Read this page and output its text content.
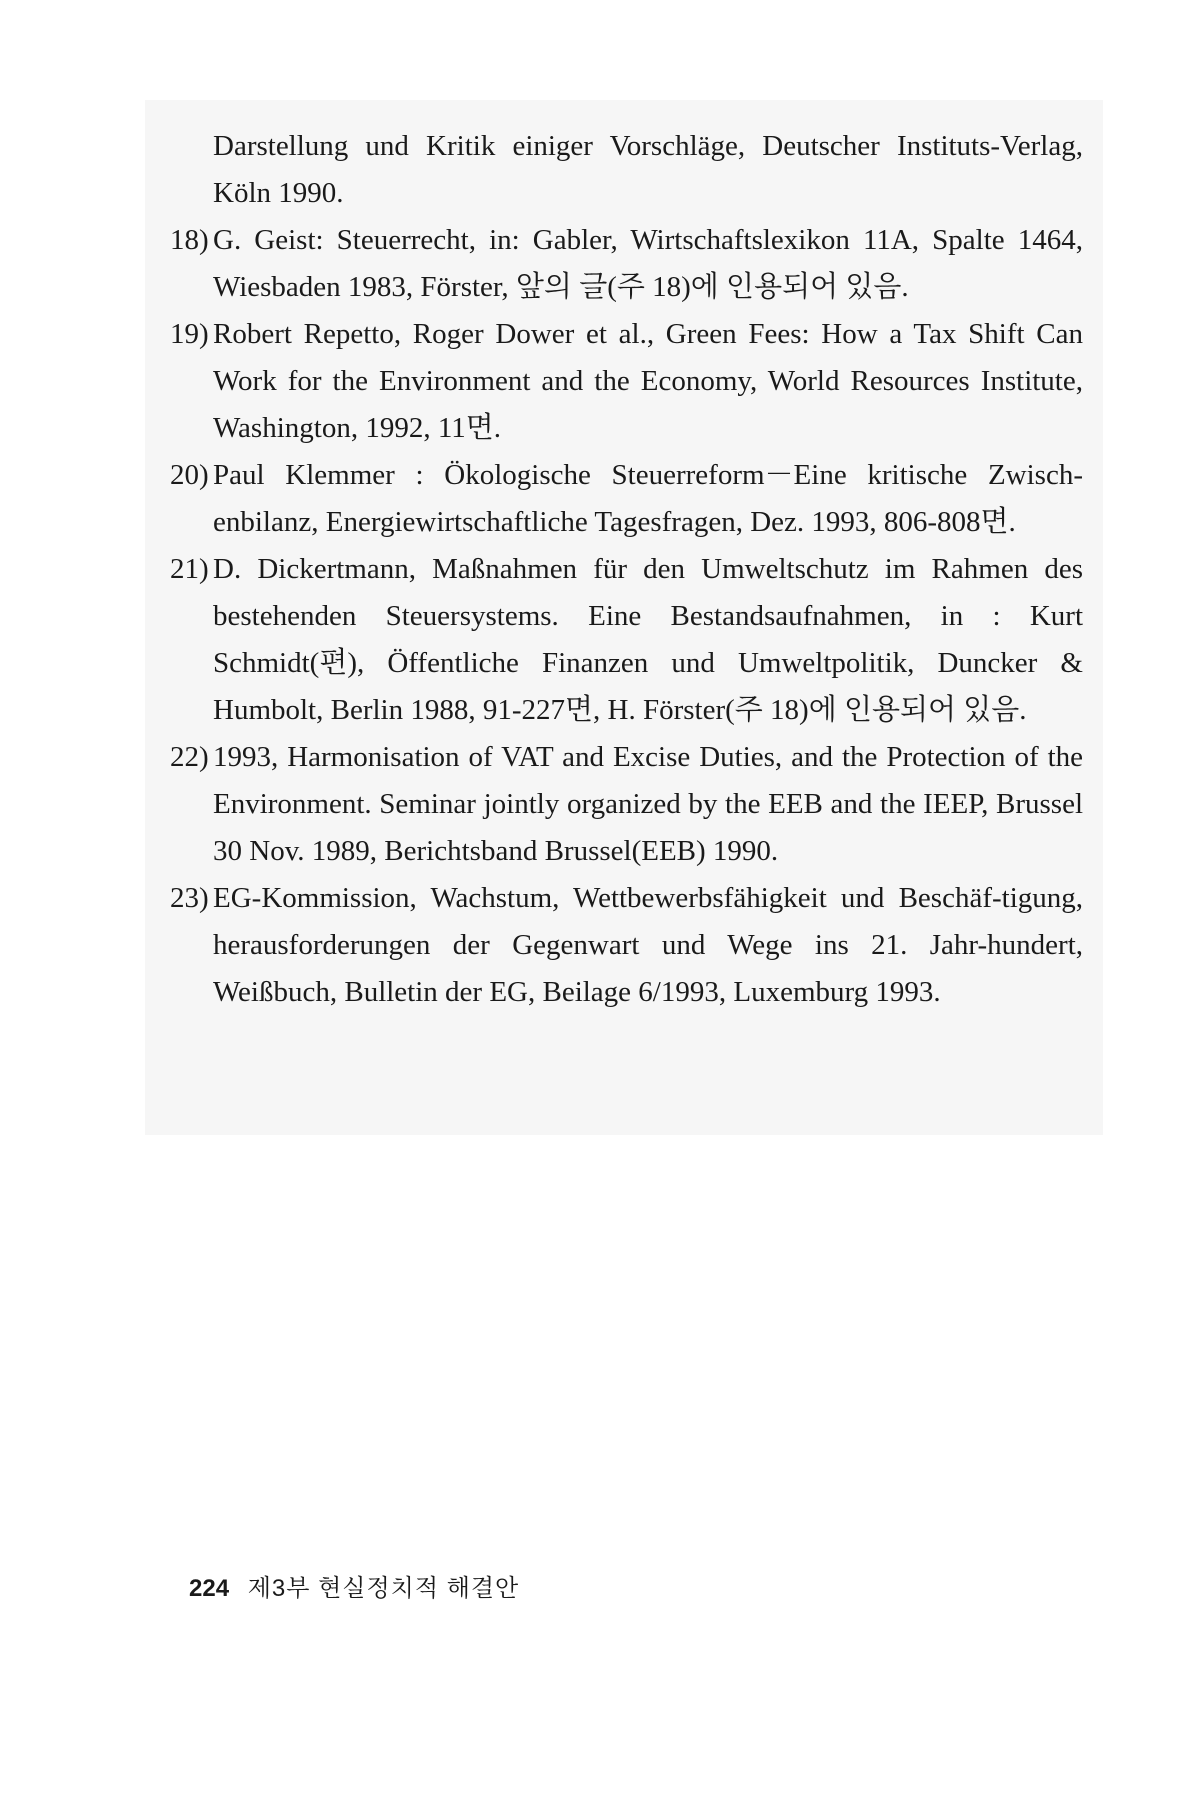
Darstellung und Kritik einiger Vorschläge, Deutscher Instituts-Verlag, Köln 1990.

18) G. Geist: Steuerrecht, in: Gabler, Wirtschaftslexikon 11A, Spalte 1464, Wiesbaden 1983, Förster, 앞의 글(주 18)에 인용되어 있음.

19) Robert Repetto, Roger Dower et al., Green Fees: How a Tax Shift Can Work for the Environment and the Economy, World Resources Institute, Washington, 1992, 11면.

20) Paul Klemmer : Ökologische Steuerreform－Eine kritische Zwisch-enbilanz, Energiewirtschaftliche Tagesfragen, Dez. 1993, 806-808면.

21) D. Dickertmann, Maßnahmen für den Umweltschutz im Rahmen des bestehenden Steuersystems. Eine Bestandsaufnahmen, in : Kurt Schmidt(편), Öffentliche Finanzen und Umweltpolitik, Duncker & Humbolt, Berlin 1988, 91-227면, H. Förster(주 18)에 인용되어 있음.

22) 1993, Harmonisation of VAT and Excise Duties, and the Protection of the Environment. Seminar jointly organized by the EEB and the IEEP, Brussel 30 Nov. 1989, Berichtsband Brussel(EEB) 1990.

23) EG-Kommission, Wachstum, Wettbewerbsfähigkeit und Beschäf-tigung, herausforderungen der Gegenwart und Wege ins 21. Jahr-hundert, Weißbuch, Bulletin der EG, Beilage 6/1993, Luxemburg 1993.

224 제3부 현실정치적 해결안
